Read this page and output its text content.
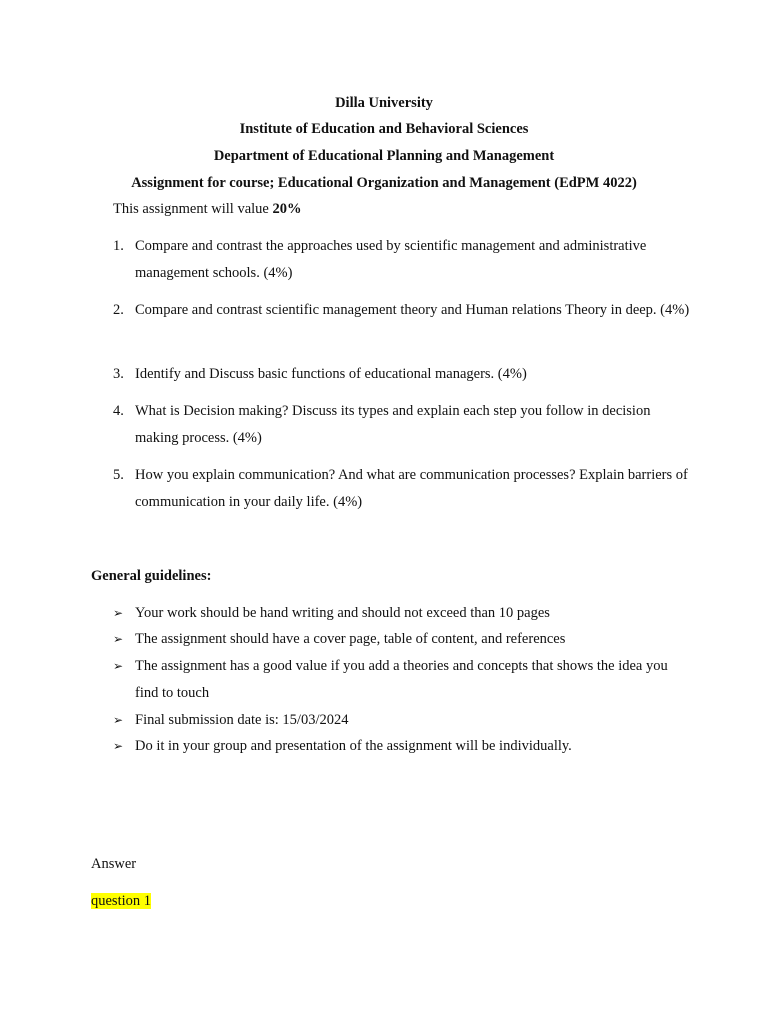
Dilla University
Institute of Education and Behavioral Sciences
Department of Educational Planning and Management
Assignment for course; Educational Organization and Management (EdPM 4022)
This assignment will value 20%
1. Compare and contrast the approaches used by scientific management and administrative management schools. (4%)
2. Compare and contrast scientific management theory and Human relations Theory in deep. (4%)
3. Identify and Discuss basic functions of educational managers. (4%)
4. What is Decision making? Discuss its types and explain each step you follow in decision making process. (4%)
5. How you explain communication? And what are communication processes? Explain barriers of communication in your daily life. (4%)
General guidelines:
➢ Your work should be hand writing and should not exceed than 10 pages
➢ The assignment should have a cover page, table of content, and references
➢ The assignment has a good value if you add a theories and concepts that shows the idea you find to touch
➢ Final submission date is: 15/03/2024
➢ Do it in your group and presentation of the assignment will be individually.
Answer
question 1
